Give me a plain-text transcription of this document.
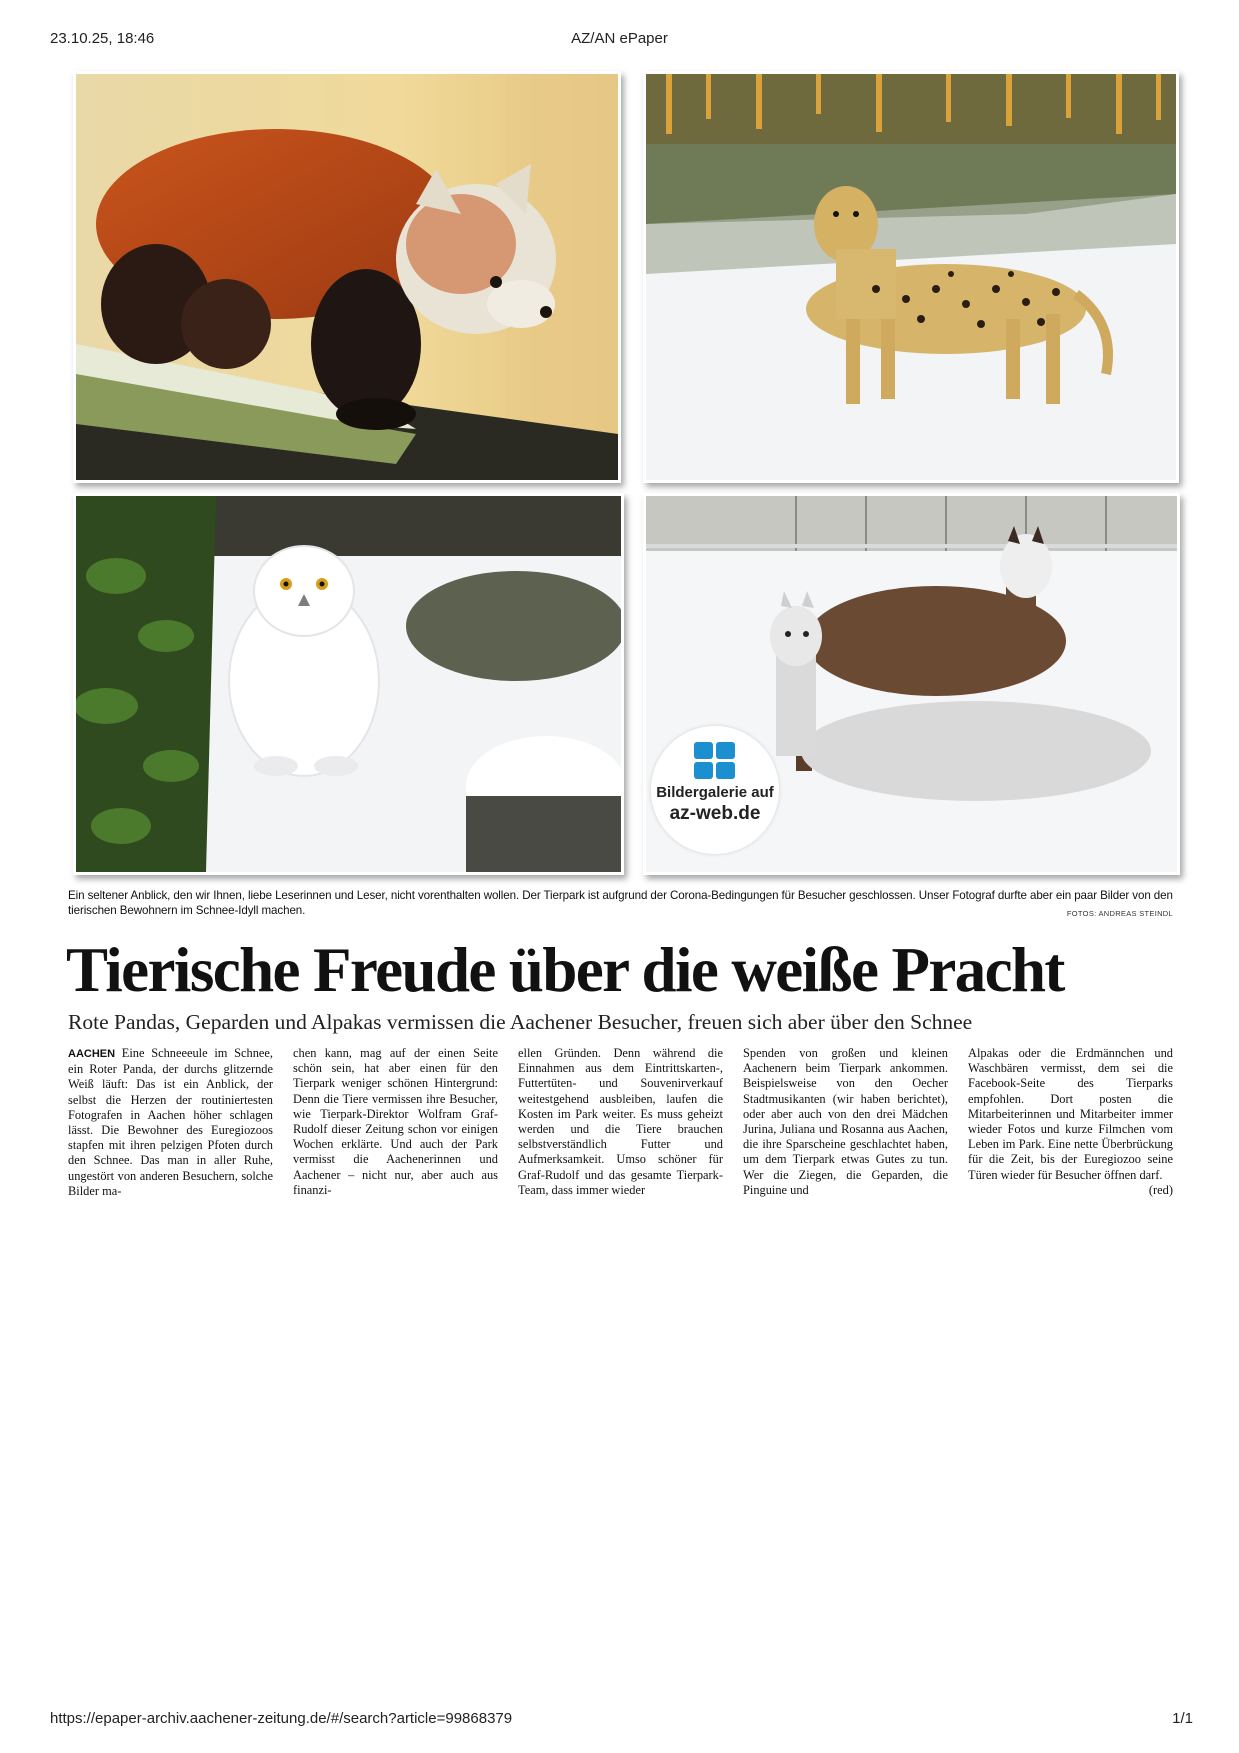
23.10.25, 18:46	AZ/AN ePaper
Bildergalerie auf
az-web.de
Ein seltener Anblick, den wir Ihnen, liebe Leserinnen und Leser, nicht vorenthalten wollen. Der Tierpark ist aufgrund der Corona-Bedingungen für Besucher geschlossen. Unser Fotograf durfte aber ein paar Bilder von den tierischen Bewohnern im Schnee-Idyll machen.	FOTOS: ANDREAS STEINDL
Tierische Freude über die weiße Pracht
Rote Pandas, Geparden und Alpakas vermissen die Aachener Besucher, freuen sich aber über den Schnee
AACHEN Eine Schneeeule im Schnee, ein Roter Panda, der durchs glitzernde Weiß läuft: Das ist ein Anblick, der selbst die Herzen der routiniertesten Fotografen in Aachen höher schlagen lässt. Die Bewohner des Euregiozoos stapfen mit ihren pelzigen Pfoten durch den Schnee. Das man in aller Ruhe, ungestört von anderen Besuchern, solche Bilder ma-
chen kann, mag auf der einen Seite schön sein, hat aber einen für den Tierpark weniger schönen Hintergrund: Denn die Tiere vermissen ihre Besucher, wie Tierpark-Direktor Wolfram Graf-Rudolf dieser Zeitung schon vor einigen Wochen erklärte. Und auch der Park vermisst die Aachenerinnen und Aachener – nicht nur, aber auch aus finanzi-
ellen Gründen. Denn während die Einnahmen aus dem Eintrittskarten-, Futtertüten- und Souvenirverkauf weitestgehend ausbleiben, laufen die Kosten im Park weiter. Es muss geheizt werden und die Tiere brauchen selbstverständlich Futter und Aufmerksamkeit. Umso schöner für Graf-Rudolf und das gesamte Tierpark-Team, dass immer wieder
Spenden von großen und kleinen Aachenern beim Tierpark ankommen. Beispielsweise von den Oecher Stadtmusikanten (wir haben berichtet), oder aber auch von den drei Mädchen Jurina, Juliana und Rosanna aus Aachen, die ihre Sparscheine geschlachtet haben, um dem Tierpark etwas Gutes zu tun. Wer die Ziegen, die Geparden, die Pinguine und
Alpakas oder die Erdmännchen und Waschbären vermisst, dem sei die Facebook-Seite des Tierparks empfohlen. Dort posten die Mitarbeiterinnen und Mitarbeiter immer wieder Fotos und kurze Filmchen vom Leben im Park. Eine nette Überbrückung für die Zeit, bis der Euregiozoo seine Türen wieder für Besucher öffnen darf.
(red)
https://epaper-archiv.aachener-zeitung.de/#/search?article=99868379	1/1
